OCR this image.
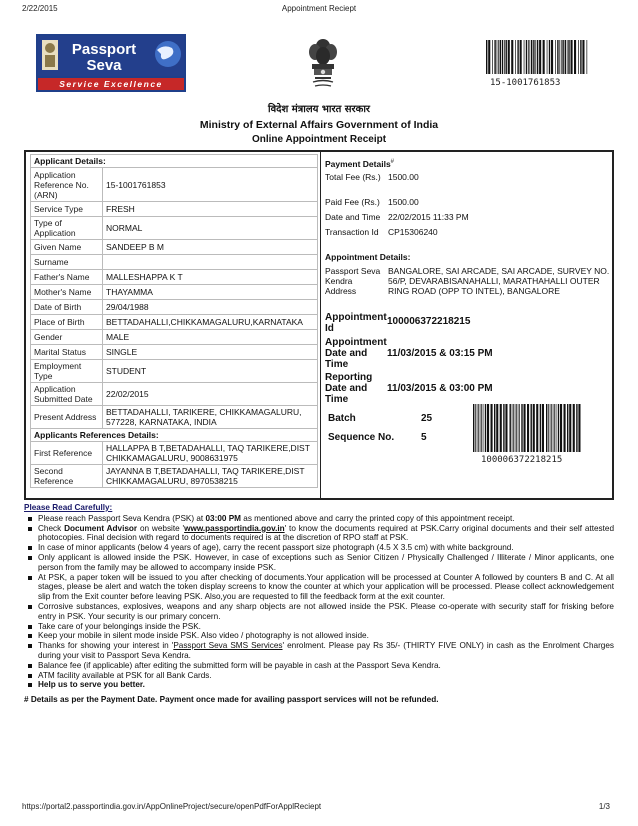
2/22/2015	Appointment Reciept
Passport
Seva
Service Excellence	15-1001761853
विदेश मंत्रालय भारत सरकार
Ministry of External Affairs Government of India
Online Appointment Receipt
Applicant Details:	
Application Reference No. (ARN)	15-1001761853
Service Type	FRESH
Type of Application	NORMAL
Given Name	SANDEEP B M
Surname	
Father's Name	MALLESHAPPA K T
Mother's Name	THAYAMMA
Date of Birth	29/04/1988
Place of Birth	BETTADAHALLI,CHIKKAMAGALURU,KARNATAKA
Gender	MALE
Marital Status	SINGLE
Employment Type	STUDENT
Application Submitted Date	22/02/2015
Present Address	BETTADAHALLI, TARIKERE, CHIKKAMAGALURU, 577228, KARNATAKA, INDIA
Applicants References Details:	
First Reference	HALLAPPA B T,BETADAHALLI, TAQ TARIKERE,DIST CHIKKAMAGALURU, 9008631975
Second Reference	JAYANNA B T,BETADAHALLI, TAQ TARIKERE,DIST CHIKKAMAGALURU, 8970538215
Payment Details#
Total Fee (Rs.) 1500.00
Paid Fee (Rs.) 1500.00
Date and Time 22/02/2015 11:33 PM
Transaction Id CP15306240
Appointment Details:
Passport Seva Kendra Address
BANGALORE, SAI ARCADE, SAI ARCADE, SURVEY NO. 56/P, DEVARABISANAHALLI, MARATHAHALLI OUTER RING ROAD (OPP TO INTEL), BANGALORE
Appointment Id
100006372218215
Appointment Date and Time
11/03/2015 & 03:15 PM
Reporting Date and Time
11/03/2015 & 03:00 PM
Batch	25
Sequence No.	5
100006372218215
Please Read Carefully:
Please reach Passport Seva Kendra (PSK) at 03:00 PM as mentioned above and carry the printed copy of this appointment receipt.
Check Document Advisor on website 'www.passportindia.gov.in' to know the documents required at PSK.Carry original documents and their self attested photocopies. Final decision with regard to documents required is at the discretion of RPO staff at PSK.
In case of minor applicants (below 4 years of age), carry the recent passport size photograph (4.5 X 3.5 cm) with white background.
Only applicant is allowed inside the PSK. However, in case of exceptions such as Senior Citizen / Physically Challenged / Illiterate / Minor applicants, one person from the family may be allowed to accompany inside PSK.
At PSK, a paper token will be issued to you after checking of documents.Your application will be processed at Counter A followed by counters B and C. At all stages, please be alert and watch the token display screens to know the counter at which your application will be processed. Please collect acknowledgement slip from the Exit counter before leaving PSK. Also,you are requested to fill the feedback form at the exit counter.
Corrosive substances, explosives, weapons and any sharp objects are not allowed inside the PSK. Please co-operate with security staff for frisking before entry in PSK. Your security is our primary concern.
Take care of your belongings inside the PSK.
Keep your mobile in silent mode inside PSK. Also video / photography is not allowed inside.
Thanks for showing your interest in 'Passport Seva SMS Services' enrolment. Please pay Rs 35/- (THIRTY FIVE ONLY) in cash as the Enrolment Charges during your visit to Passport Seva Kendra.
Balance fee (if applicable) after editing the submitted form will be payable in cash at the Passport Seva Kendra.
ATM facility available at PSK for all Bank Cards.
Help us to serve you better.
# Details as per the Payment Date. Payment once made for availing passport services will not be refunded.
https://portal2.passportindia.gov.in/AppOnlineProject/secure/openPdfForApplReciept	1/3
